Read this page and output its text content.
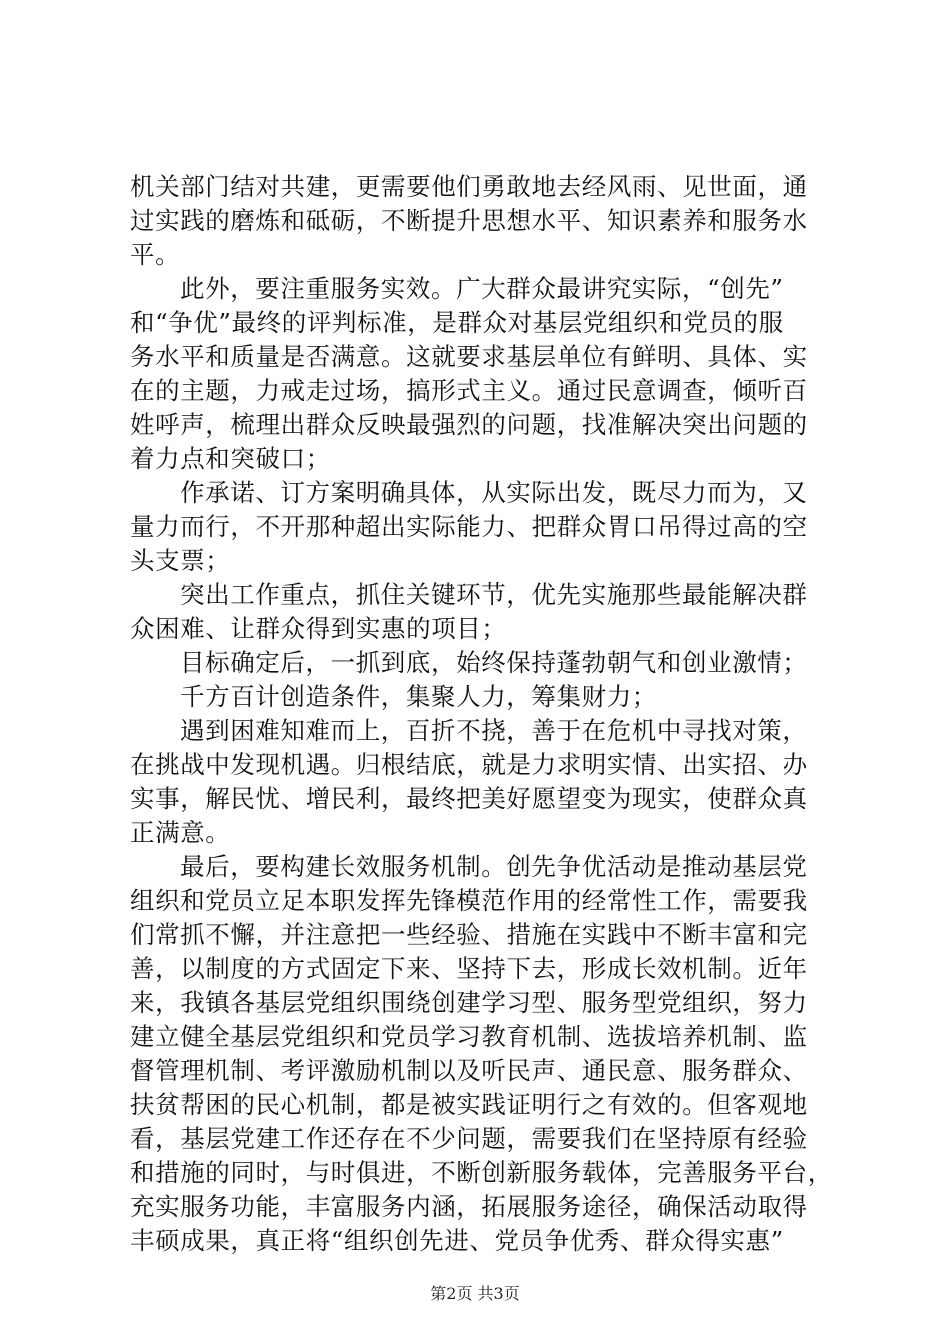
机关部门结对共建，更需要他们勇敢地去经风雨、见世面，通
过实践的磨炼和砥砺，不断提升思想水平、知识素养和服务水
平。
此外，要注重服务实效。广大群众最讲究实际，“创先”
和“争优”最终的评判标准，是群众对基层党组织和党员的服
务水平和质量是否满意。这就要求基层单位有鲜明、具体、实
在的主题，力戒走过场，搞形式主义。通过民意调查，倾听百
姓呼声，梳理出群众反映最强烈的问题，找准解决突出问题的
着力点和突破口；
作承诺、订方案明确具体，从实际出发，既尽力而为，又
量力而行，不开那种超出实际能力、把群众胃口吊得过高的空
头支票；
突出工作重点，抓住关键环节，优先实施那些最能解决群
众困难、让群众得到实惠的项目；
目标确定后，一抓到底，始终保持蓬勃朝气和创业激情；
千方百计创造条件，集聚人力，筹集财力；
遇到困难知难而上，百折不挠，善于在危机中寻找对策，
在挑战中发现机遇。归根结底，就是力求明实情、出实招、办
实事，解民忧、增民利，最终把美好愿望变为现实，使群众真
正满意。
最后，要构建长效服务机制。创先争优活动是推动基层党
组织和党员立足本职发挥先锋模范作用的经常性工作，需要我
们常抓不懈，并注意把一些经验、措施在实践中不断丰富和完
善，以制度的方式固定下来、坚持下去，形成长效机制。近年
来，我镇各基层党组织围绕创建学习型、服务型党组织，努力
建立健全基层党组织和党员学习教育机制、选拔培养机制、监
督管理机制、考评激励机制以及听民声、通民意、服务群众、
扶贫帮困的民心机制，都是被实践证明行之有效的。但客观地
看，基层党建工作还存在不少问题，需要我们在坚持原有经验
和措施的同时，与时俱进，不断创新服务载体，完善服务平台，
充实服务功能，丰富服务内涵，拓展服务途径，确保活动取得
丰硕成果，真正将“组织创先进、党员争优秀、群众得实惠”
第2页 共3页
